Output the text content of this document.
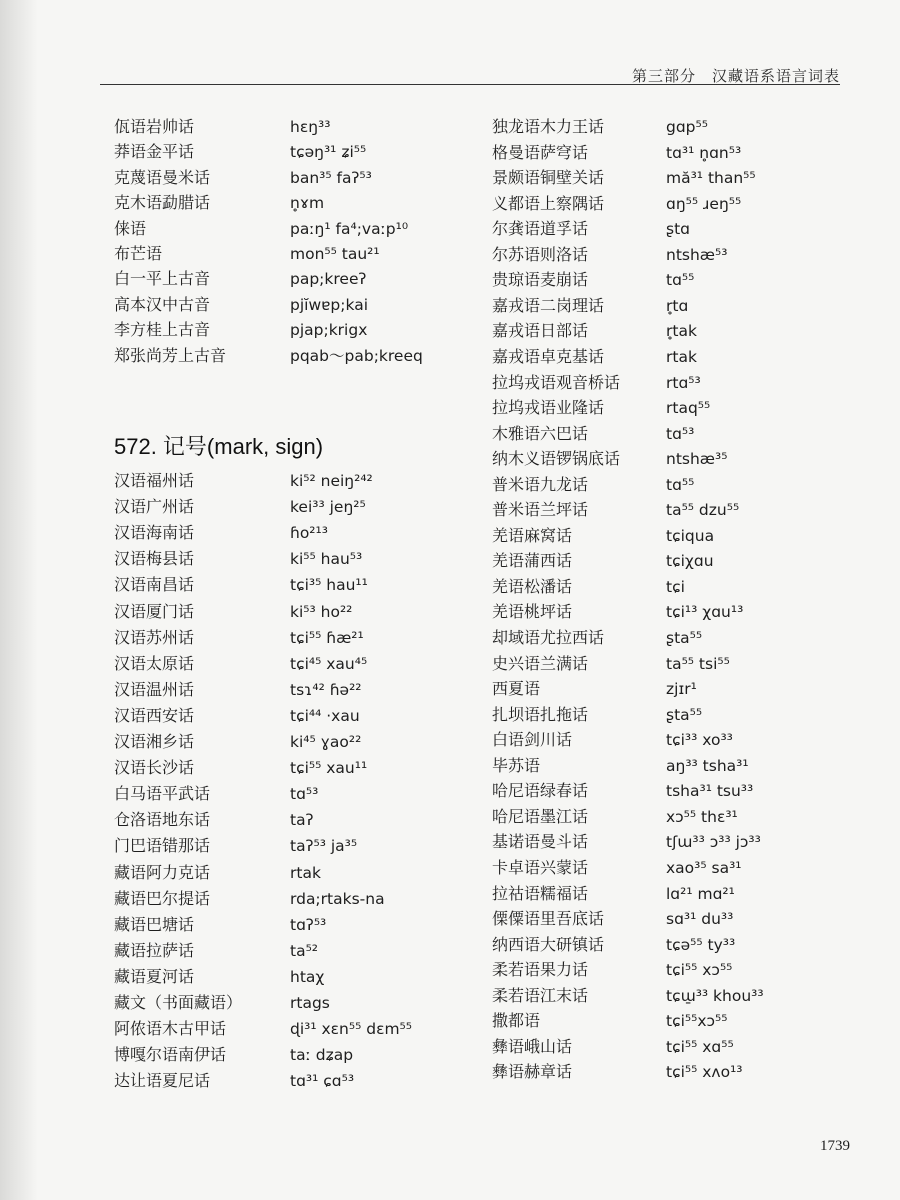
第三部分　汉藏语系语言词表
佤语岩帅话	hɛŋ³³
莽语金平话	tɕəŋ³¹ ʑi⁵⁵
克蔑语曼米话	ban³⁵ faʔ⁵³
克木语勐腊话	n̥ɤm
俫语	paːŋ¹ fa⁴;vaːp¹⁰
布芒语	mon⁵⁵ tau²¹
白一平上古音	pap;kreeʔ
高本汉中古音	pjĭwɐp;kai
李方桂上古音	pjap;krigx
郑张尚芳上古音	pqab～pab;kreeq
572. 记号(mark, sign)
汉语福州话	ki⁵² neiŋ²⁴²
汉语广州话	kei³³ jeŋ²⁵
汉语海南话	ɦo²¹³
汉语梅县话	ki⁵⁵ hau⁵³
汉语南昌话	tɕi³⁵ hau¹¹
汉语厦门话	ki⁵³ ho²²
汉语苏州话	tɕi⁵⁵ ɦæ²¹
汉语太原话	tɕi⁴⁵ xau⁴⁵
汉语温州话	tsɿ⁴² ɦə²²
汉语西安话	tɕi⁴⁴ ·xau
汉语湘乡话	ki⁴⁵ ɣao²²
汉语长沙话	tɕi⁵⁵ xau¹¹
白马语平武话	tɑ⁵³
仓洛语地东话	taʔ
门巴语错那话	taʔ⁵³ ja³⁵
藏语阿力克话	rtak
藏语巴尔提话	rda;rtaks-na
藏语巴塘话	tɑʔ⁵³
藏语拉萨话	ta⁵²
藏语夏河话	htaχ
藏文（书面藏语）	rtags
阿侬语木古甲话	ɖi³¹ xɛn⁵⁵ dɛm⁵⁵
博嘎尔语南伊话	taː dʑap
达让语夏尼话	tɑ³¹ ɕɑ⁵³
独龙语木力王话	gɑp⁵⁵
格曼语萨穹话	tɑ³¹ n̥ɑn⁵³
景颇语铜壁关话	mă³¹ than⁵⁵
义都语上察隅话	ɑŋ⁵⁵ ɹeŋ⁵⁵
尔龚语道孚话	ʂtɑ
尔苏语则洛话	ntshæ⁵³
贵琼语麦崩话	tɑ⁵⁵
嘉戎语二岗理话	r̥tɑ
嘉戎语日部话	r̥tak
嘉戎语卓克基话	rtak
拉坞戎语观音桥话	rtɑ⁵³
拉坞戎语业隆话	rtaq⁵⁵
木雅语六巴话	tɑ⁵³
纳木义语锣锅底话	ntshæ³⁵
普米语九龙话	tɑ⁵⁵
普米语兰坪话	ta⁵⁵ dzu⁵⁵
羌语麻窝话	tɕiqua
羌语蒲西话	tɕiχɑu
羌语松潘话	tɕi
羌语桃坪话	tɕi¹³ χɑu¹³
却域语尤拉西话	ʂta⁵⁵
史兴语兰满话	ta⁵⁵ tsi⁵⁵
西夏语	zjɪr¹
扎坝语扎拖话	ʂta⁵⁵
白语剑川话	tɕi³³ xo³³
毕苏语	aŋ³³ tsha³¹
哈尼语绿春话	tsha³¹ tsu³³
哈尼语墨江话	xɔ⁵⁵ thɛ³¹
基诺语曼斗话	tʃɯ³³ ɔ³³ jɔ³³
卡卓语兴蒙话	xao³⁵ sa³¹
拉祜语糯福话	lɑ²¹ mɑ²¹
傈僳语里吾底话	sɑ³¹ du³³
纳西语大研镇话	tɕə⁵⁵ ty³³
柔若语果力话	tɕi⁵⁵ xɔ⁵⁵
柔若语江末话	tɕɯ̱³³ khou³³
撒都语	tɕi⁵⁵xɔ⁵⁵
彝语峨山话	tɕi⁵⁵ xɑ⁵⁵
彝语赫章话	tɕi⁵⁵ xʌo¹³
1739
